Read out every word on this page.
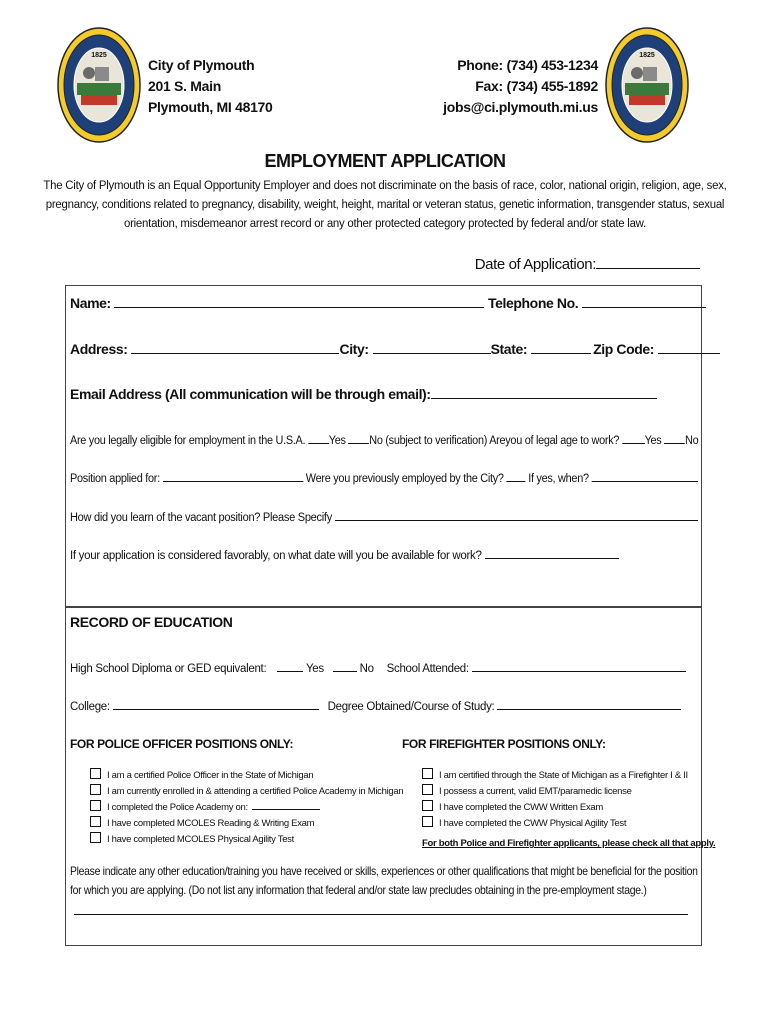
1825	1825
City of Plymouth
201 S. Main
Plymouth, MI 48170
Phone: (734) 453-1234
Fax: (734) 455-1892
jobs@ci.plymouth.mi.us
EMPLOYMENT APPLICATION
The City of Plymouth is an Equal Opportunity Employer and does not discriminate on the basis of race, color, national origin, religion, age, sex,
pregnancy, conditions related to pregnancy, disability, weight, height, marital or veteran status, genetic information, transgender status, sexual
orientation, misdemeanor arrest record or any other protected category protected by federal and/or state law.
Date of Application:
Name:	Telephone No.
Address:	City:	State:	Zip Code:
Email Address (All communication will be through email):
Are you legally eligible for employment in the U.S.A. Yes No (subject to verification) Areyou of legal age to work? Yes No
Position applied for:	Were you previously employed by the City? If yes, when?
How did you learn of the vacant position? Please Specify
If your application is considered favorably, on what date will you be available for work?
RECORD OF EDUCATION
High School Diploma or GED equivalent:	Yes	No School Attended:
College:	Degree Obtained/Course of Study:
FOR POLICE OFFICER POSITIONS ONLY:
I am a certified Police Officer in the State of Michigan
I am currently enrolled in & attending a certified Police Academy in Michigan
I completed the Police Academy on:
I have completed MCOLES Reading & Writing Exam
I have completed MCOLES Physical Agility Test
FOR FIREFIGHTER POSITIONS ONLY:
I am certified through the State of Michigan as a Firefighter I & II
I possess a current, valid EMT/paramedic license
I have completed the CWW Written Exam
I have completed the CWW Physical Agility Test
For both Police and Firefighter applicants, please check all that apply.
Please indicate any other education/training you have received or skills, experiences or other qualifications that might be beneficial for the position
for which you are applying. (Do not list any information that federal and/or state law precludes obtaining in the pre-employment stage.)
